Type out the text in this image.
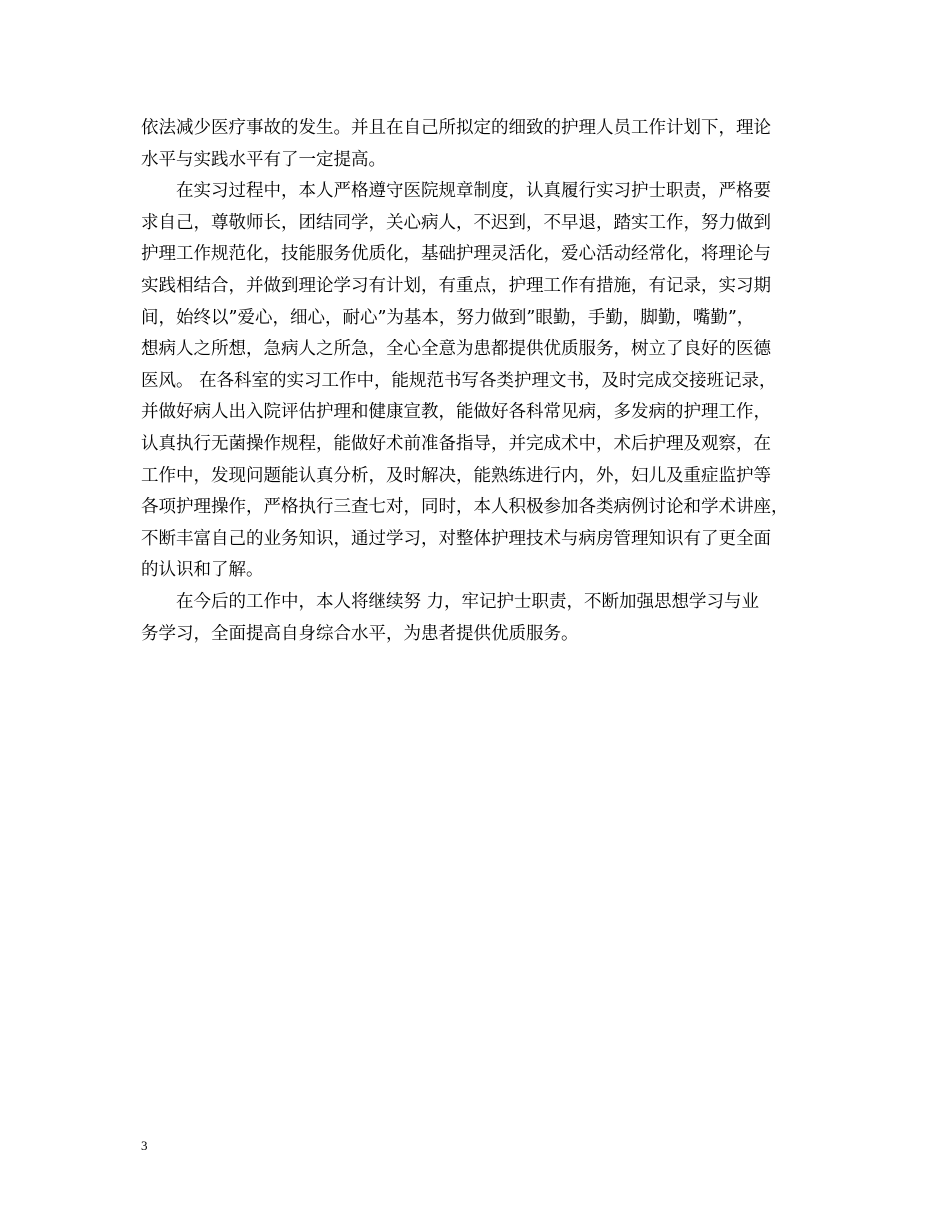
依法减少医疗事故的发生。并且在自己所拟定的细致的护理人员工作计划下，理论
水平与实践水平有了一定提高。
　　在实习过程中，本人严格遵守医院规章制度，认真履行实习护士职责，严格要
求自己，尊敬师长，团结同学，关心病人，不迟到，不早退，踏实工作，努力做到
护理工作规范化，技能服务优质化，基础护理灵活化，爱心活动经常化，将理论与
实践相结合，并做到理论学习有计划，有重点，护理工作有措施，有记录，实习期
间，始终以”爱心，细心，耐心”为基本，努力做到”眼勤，手勤，脚勤，嘴勤”，
想病人之所想，急病人之所急，全心全意为患都提供优质服务，树立了良好的医德
医风。 在各科室的实习工作中，能规范书写各类护理文书，及时完成交接班记录，
并做好病人出入院评估护理和健康宣教，能做好各科常见病，多发病的护理工作，
认真执行无菌操作规程，能做好术前准备指导，并完成术中，术后护理及观察，在
工作中，发现问题能认真分析，及时解决，能熟练进行内，外，妇儿及重症监护等
各项护理操作，严格执行三查七对，同时，本人积极参加各类病例讨论和学术讲座，
不断丰富自己的业务知识，通过学习，对整体护理技术与病房管理知识有了更全面
的认识和了解。
　　在今后的工作中，本人将继续努 力，牢记护士职责，不断加强思想学习与业
务学习，全面提高自身综合水平，为患者提供优质服务。
3
